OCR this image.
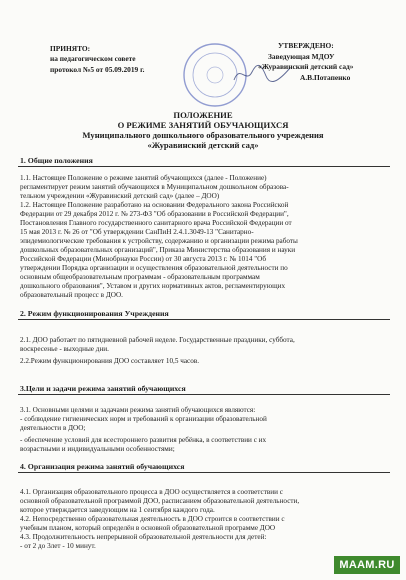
ПРИНЯТО:
на педагогическом совете
протокол №5 от 05.09.2019 г.
УТВЕРЖДЕНО:
Заведующая МДОУ
«Журавинский детский сад»
А.В.Потапенко
ПОЛОЖЕНИЕ
О РЕЖИМЕ ЗАНЯТИЙ ОБУЧАЮЩИХСЯ
Муниципального дошкольного образовательного учреждения
«Журавинский детский сад»
1. Общие положения
1.1. Настоящее Положение о режиме занятий обучающихся (далее - Положение)
регламентирует режим занятий обучающихся в Муниципальном дошкольном образова-
тельном учреждении «Журавинский детский сад» (далее – ДОО)
1.2. Настоящее Положение разработано на основании Федерального закона Российской
Федерации от 29 декабря 2012 г. № 273-ФЗ "Об образовании в Российской Федерации",
Постановления Главного государственного санитарного врача Российской Федерации от
15 мая 2013 г. № 26 от "Об утверждении СанПиН 2.4.1.3049-13 "Санитарно-
эпидемиологические требования к устройству, содержанию и организации режима работы
дошкольных образовательных организаций", Приказа Министерства образования и науки
Российской Федерации (Минобрнауки России) от 30 августа 2013 г. № 1014 "Об
утверждении Порядка организации и осуществления образовательной деятельности по
основным общеобразовательным программам - образовательным программам
дошкольного образования", Уставом и других нормативных актов, регламентирующих
образовательный процесс в ДОО.
2. Режим функционирования Учреждения
2.1. ДОО работает по пятидневной рабочей неделе. Государственные праздники, суббота,
воскресенье - выходные дни.
2.2.Режим функционирования ДОО составляет 10,5 часов.
3.Цели и задачи режима занятий обучающихся
3.1. Основными целями и задачами режима занятий обучающихся являются:
- соблюдение гигиенических норм и требований к организации образовательной
деятельности в ДОО;
- обеспечение условий для всестороннего развития ребёнка, в соответствии с их
возрастными и индивидуальными особенностями;
4. Организация режима занятий обучающихся
4.1. Организация образовательного процесса в ДОО осуществляется в соответствии с
основной образовательной программой ДОО, расписанием образовательной деятельности,
которое утверждается заведующим на 1 сентября каждого года.
4.2. Непосредственно образовательная деятельность в ДОО строится в соответствии с
учебным планом, который определён в основной образовательной программе ДОО
4.3. Продолжительность непрерывной образовательной деятельности для детей:
- от 2 до 3лет - 10 минут.
MAAM.RU
